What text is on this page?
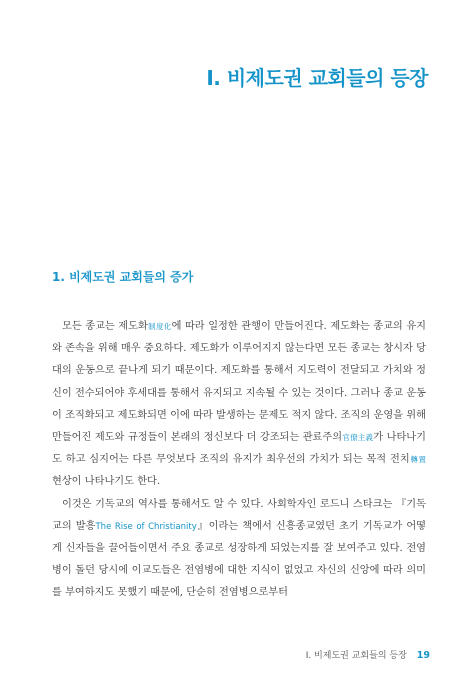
I. 비제도권 교회들의 등장
1. 비제도권 교회들의 증가

모든 종교는 제도화制度化에 따라 일정한 관행이 만들어진다. 제도화는 종교의 유지와 존속을 위해 매우 중요하다. 제도화가 이루어지지 않는다면 모든 종교는 창시자 당대의 운동으로 끝나게 되기 때문이다. 제도화를 통해서 지도력이 전달되고 가치와 정신이 전수되어야 후세대를 통해서 유지되고 지속될 수 있는 것이다. 그러나 종교 운동이 조직화되고 제도화되면 이에 따라 발생하는 문제도 적지 않다. 조직의 운영을 위해 만들어진 제도와 규정들이 본래의 정신보다 더 강조되는 관료주의官僚主義가 나타나기도 하고 심지어는 다른 무엇보다 조직의 유지가 최우선의 가치가 되는 목적 전치轉置 현상이 나타나기도 한다.

이것은 기독교의 역사를 통해서도 알 수 있다. 사회학자인 로드니 스타크는 『기독교의 발흥The Rise of Christianity』이라는 책에서 신흥종교였던 초기 기독교가 어떻게 신자들을 끌어들이면서 주요 종교로 성장하게 되었는지를 잘 보여주고 있다. 전염병이 돌던 당시에 이교도들은 전염병에 대한 지식이 없었고 자신의 신앙에 따라 의미를 부여하지도 못했기 때문에, 단순히 전염병으로부터

I. 비제도권 교회들의 등장 19
